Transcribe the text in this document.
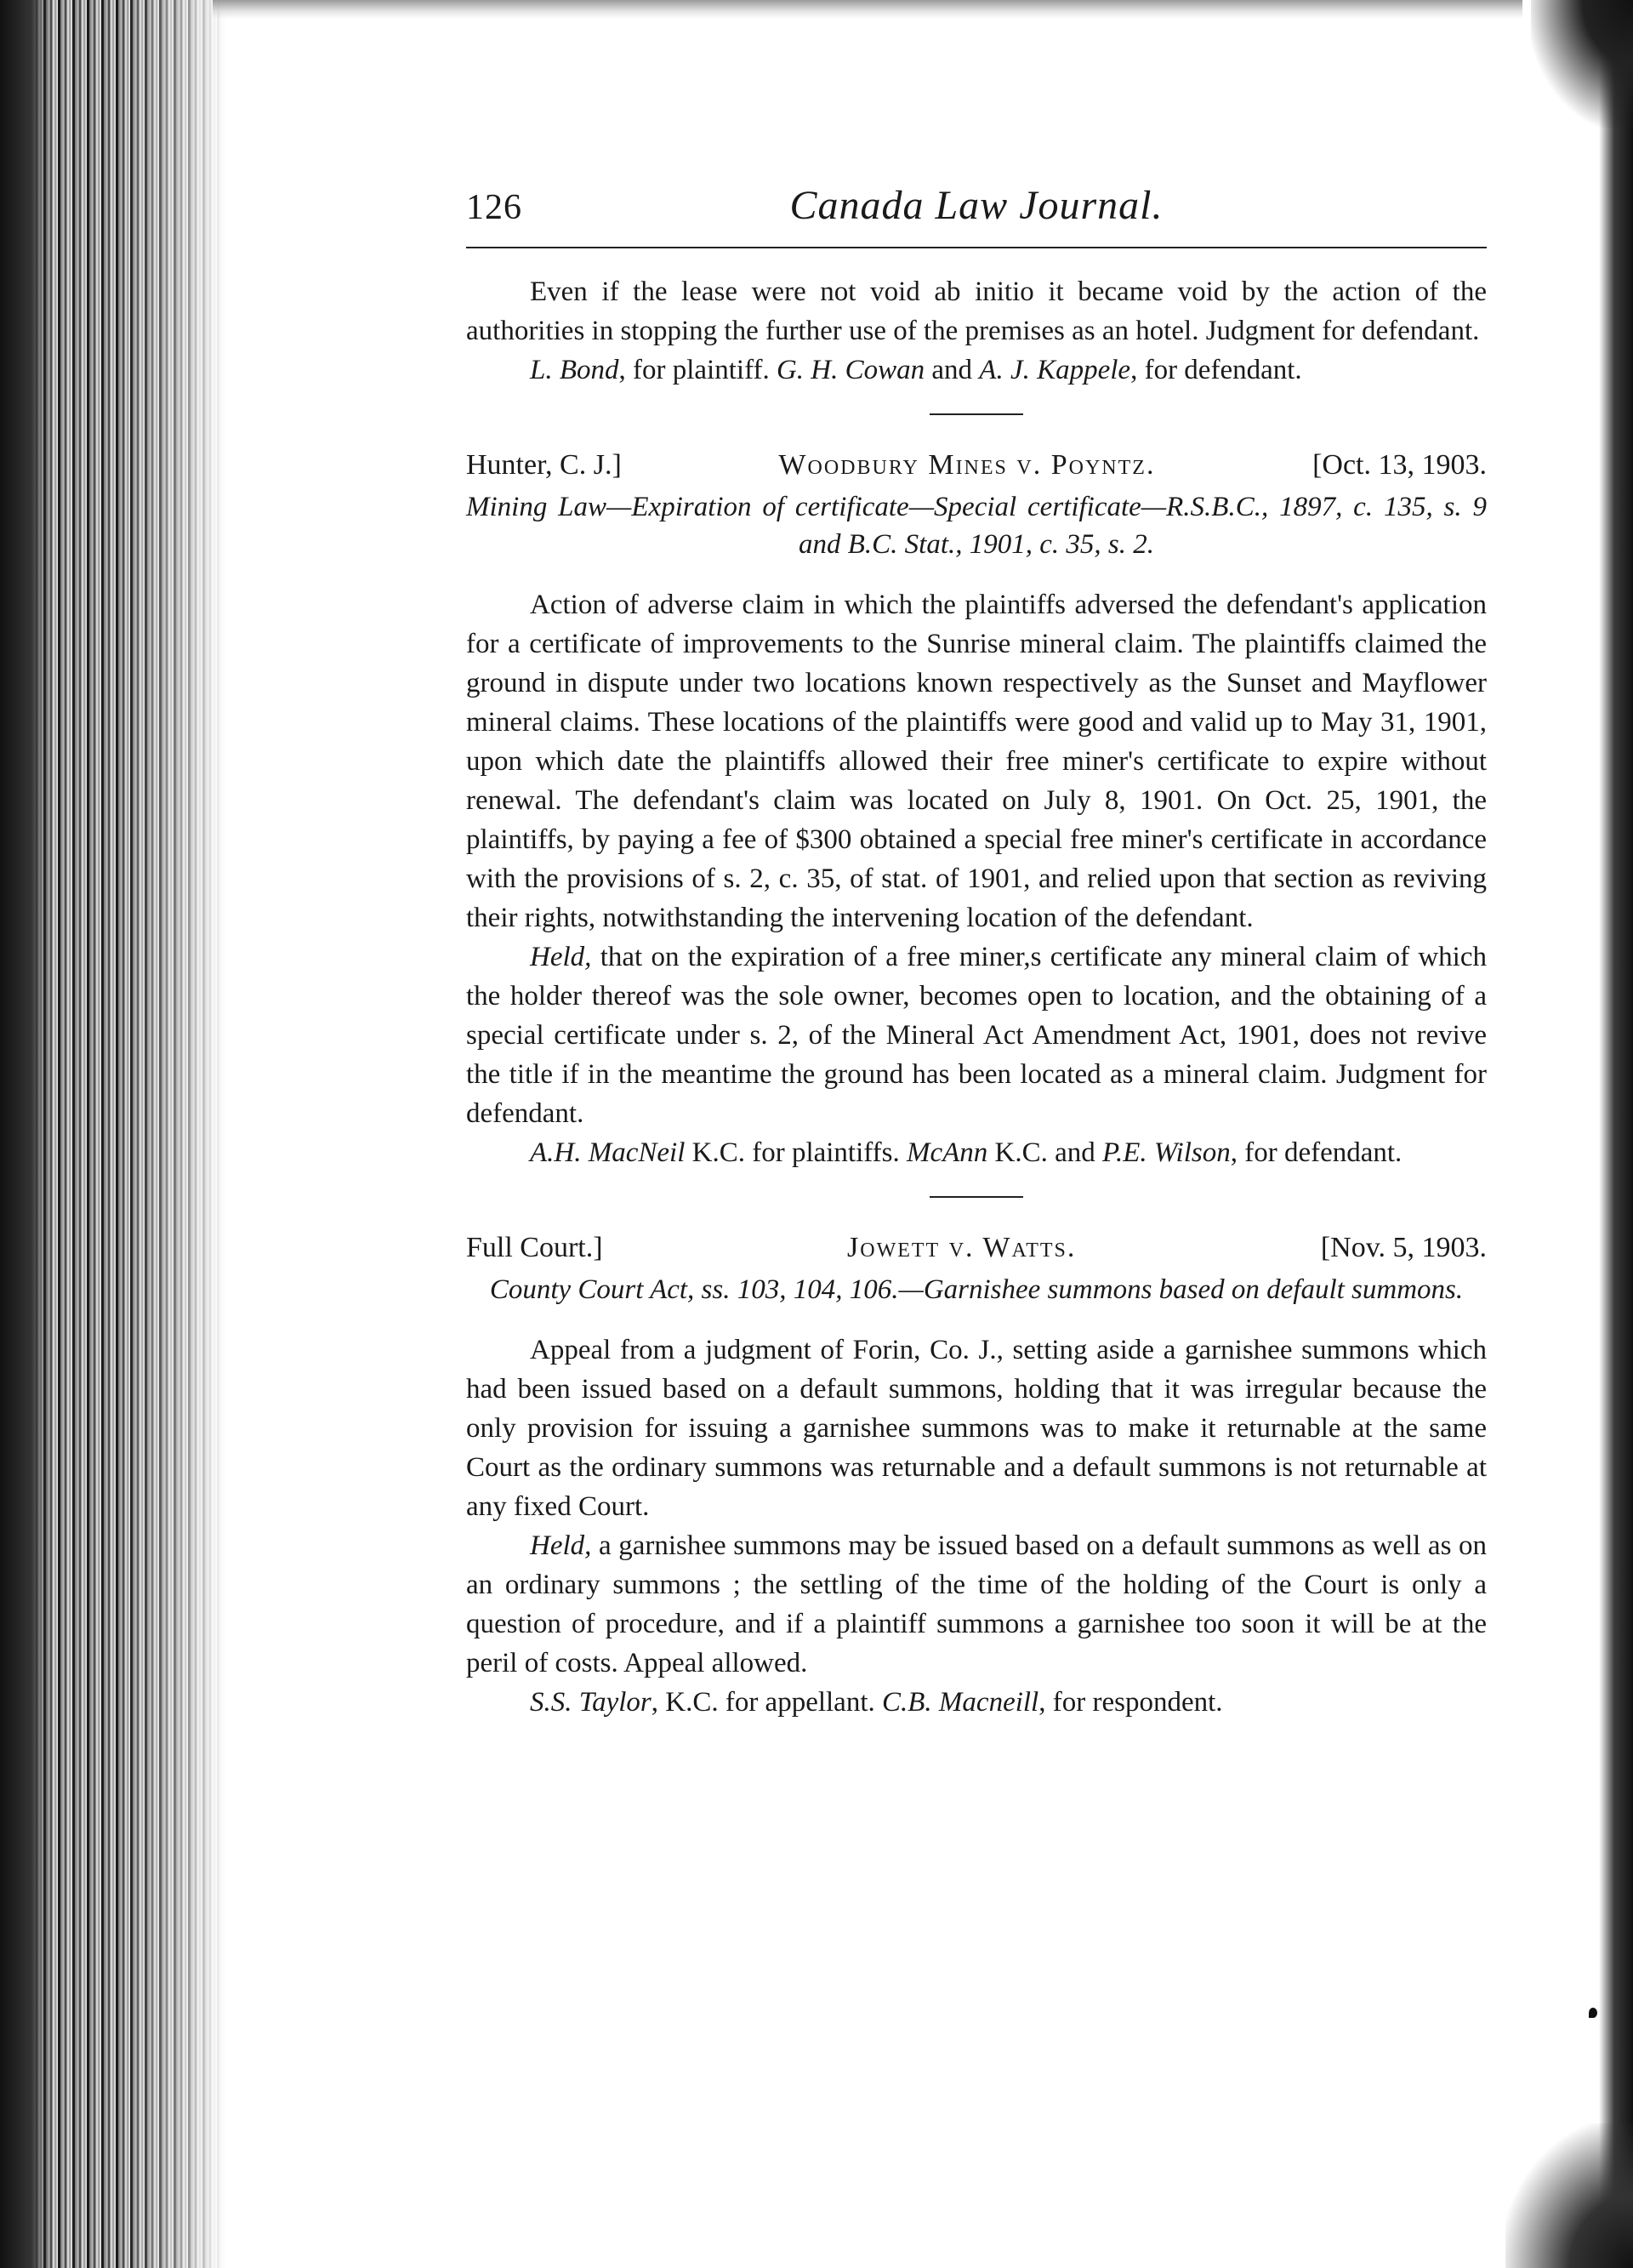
126	Canada Law Journal.

Even if the lease were not void ab initio it became void by the action of the authorities in stopping the further use of the premises as an hotel. Judgment for defendant.

L. Bond, for plaintiff. G. H. Cowan and A. J. Kappele, for defendant.

Hunter, C. J.]	Woodbury Mines v. Poyntz.	[Oct. 13, 1903.
Mining Law—Expiration of certificate—Special certificate—R.S.B.C., 1897, c. 135, s. 9 and B.C. Stat., 1901, c. 35, s. 2.

Action of adverse claim in which the plaintiffs adversed the defendant's application for a certificate of improvements to the Sunrise mineral claim. The plaintiffs claimed the ground in dispute under two locations known respectively as the Sunset and Mayflower mineral claims. These locations of the plaintiffs were good and valid up to May 31, 1901, upon which date the plaintiffs allowed their free miner's certificate to expire without renewal. The defendant's claim was located on July 8, 1901. On Oct. 25, 1901, the plaintiffs, by paying a fee of $300 obtained a special free miner's certificate in accordance with the provisions of s. 2, c. 35, of stat. of 1901, and relied upon that section as reviving their rights, notwithstanding the intervening location of the defendant.

Held, that on the expiration of a free miner,s certificate any mineral claim of which the holder thereof was the sole owner, becomes open to location, and the obtaining of a special certificate under s. 2, of the Mineral Act Amendment Act, 1901, does not revive the title if in the meantime the ground has been located as a mineral claim. Judgment for defendant.

A.H. MacNeil K.C. for plaintiffs. McAnn K.C. and P.E. Wilson, for defendant.

Full Court.]	Jowett v. Watts.	[Nov. 5, 1903.
County Court Act, ss. 103, 104, 106.—Garnishee summons based on default summons.

Appeal from a judgment of Forin, Co. J., setting aside a garnishee summons which had been issued based on a default summons, holding that it was irregular because the only provision for issuing a garnishee summons was to make it returnable at the same Court as the ordinary summons was returnable and a default summons is not returnable at any fixed Court.

Held, a garnishee summons may be issued based on a default summons as well as on an ordinary summons ; the settling of the time of the holding of the Court is only a question of procedure, and if a plaintiff summons a garnishee too soon it will be at the peril of costs. Appeal allowed.

S.S. Taylor, K.C. for appellant. C.B. Macneill, for respondent.
